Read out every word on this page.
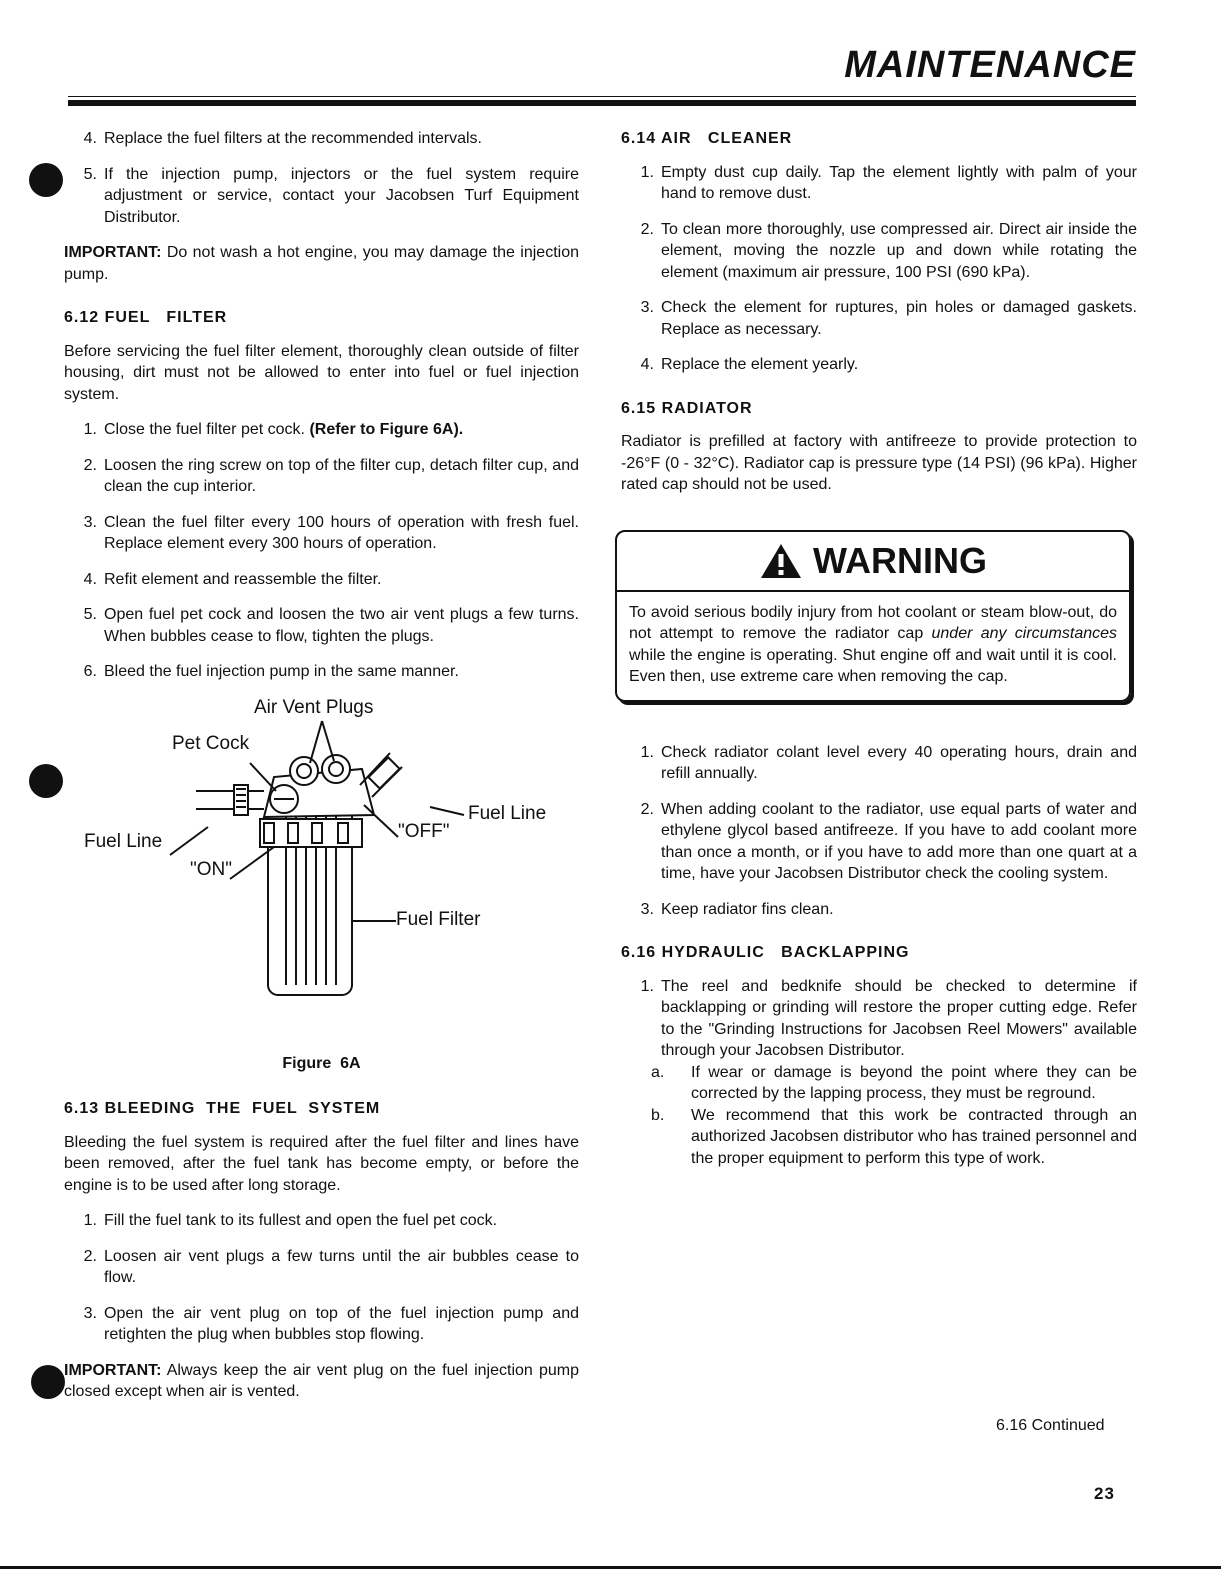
MAINTENANCE
4. Replace the fuel filters at the recommended intervals.
5. If the injection pump, injectors or the fuel system require adjustment or service, contact your Jacobsen Turf Equipment Distributor.
IMPORTANT: Do not wash a hot engine, you may damage the injection pump.
6.12 FUEL   FILTER
Before servicing the fuel filter element, thoroughly clean outside of filter housing, dirt must not be allowed to enter into fuel or fuel injection system.
1. Close the fuel filter pet cock. (Refer to Figure 6A).
2. Loosen the ring screw on top of the filter cup, detach filter cup, and clean the cup interior.
3. Clean the fuel filter every 100 hours of operation with fresh fuel. Replace element every 300 hours of operation.
4. Refit element and reassemble the filter.
5. Open fuel pet cock and loosen the two air vent plugs a few turns. When bubbles cease to flow, tighten the plugs.
6. Bleed the fuel injection pump in the same manner.
Air Vent Plugs
Pet Cock
Fuel Line
Fuel Line	"OFF"
"ON"
Fuel Filter
Figure  6A
6.13 BLEEDING  THE  FUEL  SYSTEM
Bleeding the fuel system is required after the fuel filter and lines have been removed, after the fuel tank has become empty, or before the engine is to be used after long storage.
1. Fill the fuel tank to its fullest and open the fuel pet cock.
2. Loosen air vent plugs a few turns until the air bubbles cease to flow.
3. Open the air vent plug on top of the fuel injection pump and retighten the plug when bubbles stop flowing.
IMPORTANT: Always keep the air vent plug on the fuel injection pump closed except when air is vented.
6.14 AIR   CLEANER
1. Empty dust cup daily. Tap the element lightly with palm of your hand to remove dust.
2. To clean more thoroughly, use compressed air. Direct air inside the element, moving the nozzle up and down while rotating the element (maximum air pressure, 100 PSI (690 kPa).
3. Check the element for ruptures, pin holes or damaged gaskets. Replace as necessary.
4. Replace the element yearly.
6.15 RADIATOR
Radiator is prefilled at factory with antifreeze to provide protection to -26°F (0 - 32°C). Radiator cap is pressure type (14 PSI) (96 kPa). Higher rated cap should not be used.
WARNING
To avoid serious bodily injury from hot coolant or steam blow-out, do not attempt to remove the radiator cap under any circumstances while the engine is operating. Shut engine off and wait until it is cool. Even then, use extreme care when removing the cap.
1. Check radiator colant level every 40 operating hours, drain and refill annually.
2. When adding coolant to the radiator, use equal parts of water and ethylene glycol based antifreeze. If you have to add coolant more than once a month, or if you have to add more than one quart at a time, have your Jacobsen Distributor check the cooling system.
3. Keep radiator fins clean.
6.16 HYDRAULIC   BACKLAPPING
1. The reel and bedknife should be checked to determine if backlapping or grinding will restore the proper cutting edge. Refer to the "Grinding Instructions for Jacobsen Reel Mowers" available through your Jacobsen Distributor.
a.	If wear or damage is beyond the point where they can be corrected by the lapping process, they must be reground.
b.	We recommend that this work be contracted through an authorized Jacobsen distributor who has trained personnel and the proper equipment to perform this type of work.
6.16 Continued
23
